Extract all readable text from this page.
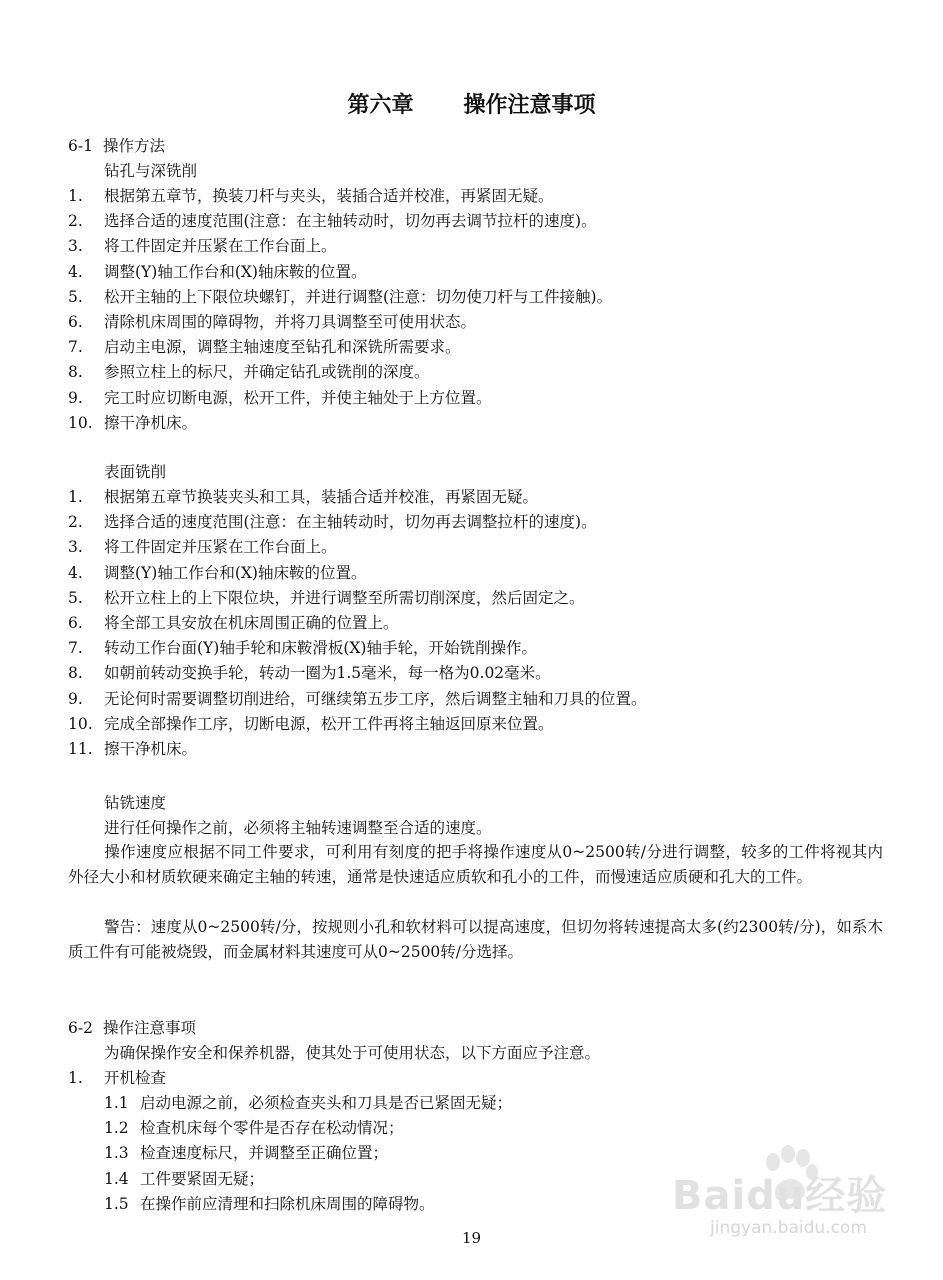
第六章 操作注意事项
6-1 操作方法
钻孔与深铣削
1. 根据第五章节，换装刀杆与夹头，装插合适并校准，再紧固无疑。
2. 选择合适的速度范围(注意：在主轴转动时，切勿再去调节拉杆的速度)。
3. 将工件固定并压紧在工作台面上。
4. 调整(Y)轴工作台和(X)轴床鞍的位置。
5. 松开主轴的上下限位块螺钉，并进行调整(注意：切勿使刀杆与工件接触)。
6. 清除机床周围的障碍物，并将刀具调整至可使用状态。
7. 启动主电源，调整主轴速度至钻孔和深铣所需要求。
8. 参照立柱上的标尺，并确定钻孔或铣削的深度。
9. 完工时应切断电源，松开工件，并使主轴处于上方位置。
10. 擦干净机床。
表面铣削
1. 根据第五章节换装夹头和工具，装插合适并校准，再紧固无疑。
2. 选择合适的速度范围(注意：在主轴转动时，切勿再去调整拉杆的速度)。
3. 将工件固定并压紧在工作台面上。
4. 调整(Y)轴工作台和(X)轴床鞍的位置。
5. 松开立柱上的上下限位块，并进行调整至所需切削深度，然后固定之。
6. 将全部工具安放在机床周围正确的位置上。
7. 转动工作台面(Y)轴手轮和床鞍滑板(X)轴手轮，开始铣削操作。
8. 如朝前转动变换手轮，转动一圈为1.5毫米，每一格为0.02毫米。
9. 无论何时需要调整切削进给，可继续第五步工序，然后调整主轴和刀具的位置。
10. 完成全部操作工序，切断电源，松开工件再将主轴返回原来位置。
11. 擦干净机床。
钻铣速度
进行任何操作之前，必须将主轴转速调整至合适的速度。
操作速度应根据不同工件要求，可利用有刻度的把手将操作速度从0~2500转/分进行调整，较多的工件将视其内外径大小和材质软硬来确定主轴的转速，通常是快速适应质软和孔小的工件，而慢速适应质硬和孔大的工件。
警告：速度从0~2500转/分，按规则小孔和软材料可以提高速度，但切勿将转速提高太多(约2300转/分)，如系木质工件有可能被烧毁，而金属材料其速度可从0~2500转/分选择。
6-2 操作注意事项
为确保操作安全和保养机器，使其处于可使用状态，以下方面应予注意。
1. 开机检查
1.1 启动电源之前，必须检查夹头和刀具是否已紧固无疑；
1.2 检查机床每个零件是否存在松动情况；
1.3 检查速度标尺，并调整至正确位置；
1.4 工件要紧固无疑；
1.5 在操作前应清理和扫除机床周围的障碍物。
19
Baidu经验
jingyan.baidu.com
